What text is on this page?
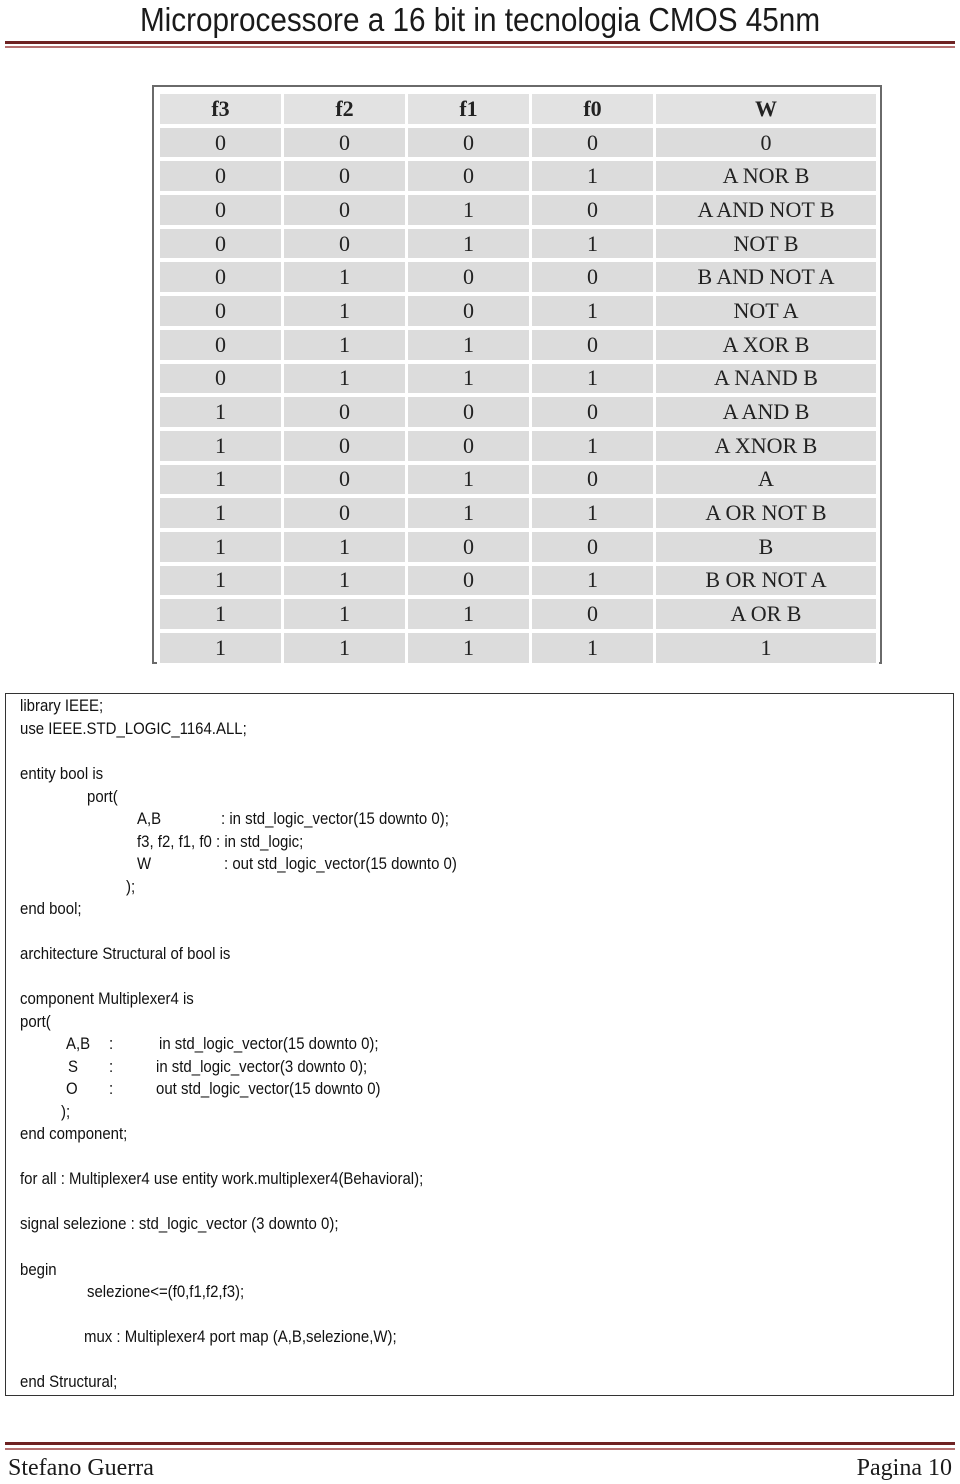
Microprocessore a 16 bit in tecnologia CMOS 45nm
f3	f2	f1	f0	W
0	0	0	0	0
0	0	0	1	A NOR B
0	0	1	0	A AND NOT B
0	0	1	1	NOT B
0	1	0	0	B AND NOT A
0	1	0	1	NOT A
0	1	1	0	A XOR B
0	1	1	1	A NAND B
1	0	0	0	A AND B
1	0	0	1	A XNOR B
1	0	1	0	A
1	0	1	1	A OR NOT B
1	1	0	0	B
1	1	0	1	B OR NOT A
1	1	1	0	A OR B
1	1	1	1	1
library IEEE;
use IEEE.STD_LOGIC_1164.ALL;
entity bool is
port(
A,B	: in std_logic_vector(15 downto 0);
f3, f2, f1, f0 : in std_logic;
W	: out std_logic_vector(15 downto 0)
);
end bool;
architecture Structural of bool is
component Multiplexer4 is
port(
A,B :	in std_logic_vector(15 downto 0);
S :	in std_logic_vector(3 downto 0);
O :	out std_logic_vector(15 downto 0)
);
end component;
for all : Multiplexer4 use entity work.multiplexer4(Behavioral);
signal selezione : std_logic_vector (3 downto 0);
begin
selezione<=(f0,f1,f2,f3);
mux : Multiplexer4 port map (A,B,selezione,W);
end Structural;
Stefano Guerra	Pagina 10
